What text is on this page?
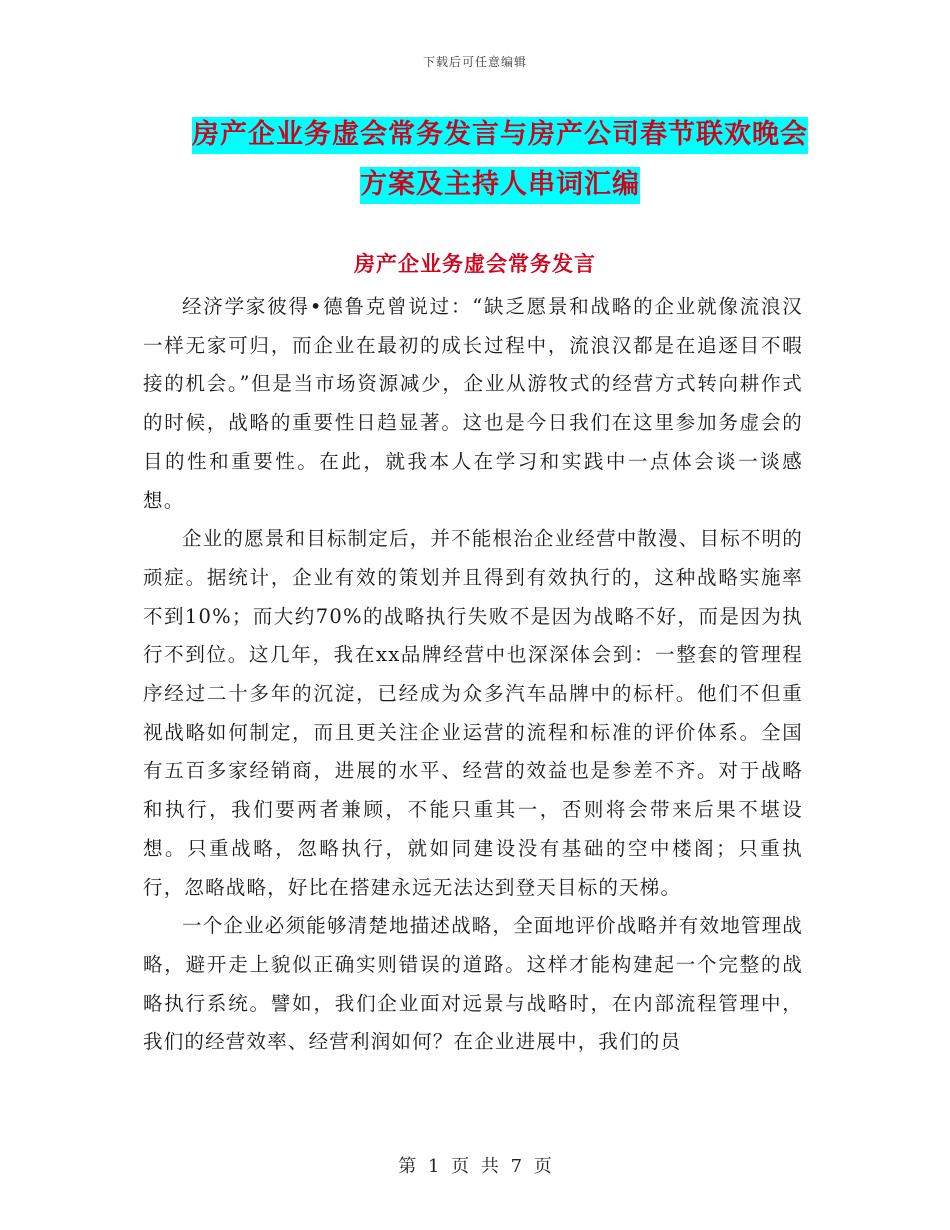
下载后可任意编辑
房产企业务虚会常务发言与房产公司春节联欢晚会方案及主持人串词汇编
房产企业务虚会常务发言

经济学家彼得•德鲁克曾说过：“缺乏愿景和战略的企业就像流浪汉一样无家可归，而企业在最初的成长过程中，流浪汉都是在追逐目不暇接的机会。”但是当市场资源减少，企业从游牧式的经营方式转向耕作式的时候，战略的重要性日趋显著。这也是今日我们在这里参加务虚会的目的性和重要性。在此，就我本人在学习和实践中一点体会谈一谈感想。

企业的愿景和目标制定后，并不能根治企业经营中散漫、目标不明的顽症。据统计，企业有效的策划并且得到有效执行的，这种战略实施率不到10%；而大约70%的战略执行失败不是因为战略不好，而是因为执行不到位。这几年，我在xx品牌经营中也深深体会到：一整套的管理程序经过二十多年的沉淀，已经成为众多汽车品牌中的标杆。他们不但重视战略如何制定，而且更关注企业运营的流程和标准的评价体系。全国有五百多家经销商，进展的水平、经营的效益也是参差不齐。对于战略和执行，我们要两者兼顾，不能只重其一，否则将会带来后果不堪设想。只重战略，忽略执行，就如同建设没有基础的空中楼阁；只重执行，忽略战略，好比在搭建永远无法达到登天目标的天梯。

一个企业必须能够清楚地描述战略，全面地评价战略并有效地管理战略，避开走上貌似正确实则错误的道路。这样才能构建起一个完整的战略执行系统。譬如，我们企业面对远景与战略时，在内部流程管理中，我们的经营效率、经营利润如何？在企业进展中，我们的员

第 1 页 共 7 页
